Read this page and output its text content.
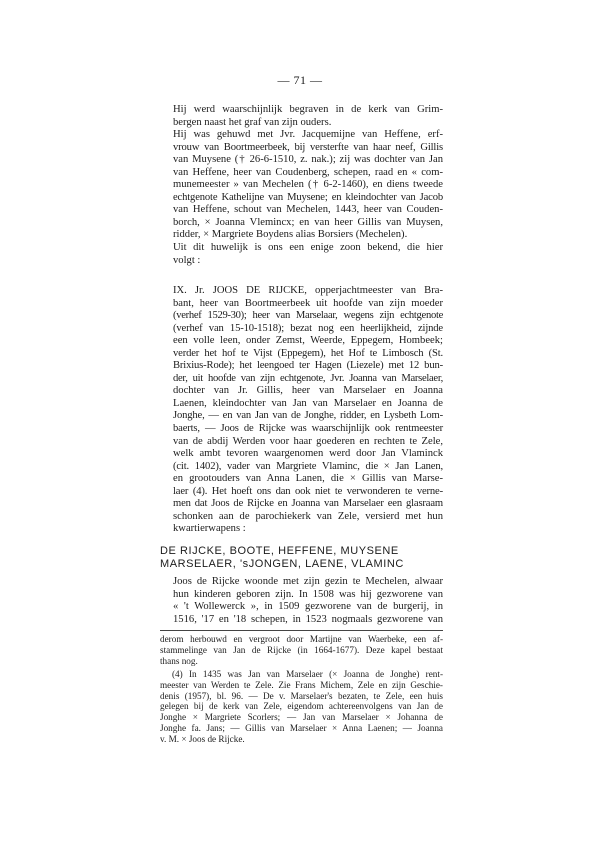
— 71 —

Hij werd waarschijnlijk begraven in de kerk van Grim-
bergen naast het graf van zijn ouders.

Hij was gehuwd met Jvr. Jacquemijne van Heffene, erf-
vrouw van Boortmeerbeek, bij versterfte van haar neef, Gillis
van Muysene († 26-6-1510, z. nak.); zij was dochter van Jan
van Heffene, heer van Coudenberg, schepen, raad en « com-
munemeester » van Mechelen († 6-2-1460), en diens tweede
echtgenote Kathelijne van Muysene; en kleindochter van Jacob
van Heffene, schout van Mechelen, 1443, heer van Couden-
borch, × Joanna Vlemincx; en van heer Gillis van Muysen,
ridder, × Margriete Boydens alias Borsiers (Mechelen).

Uit dit huwelijk is ons een enige zoon bekend, die hier
volgt :

IX. Jr. JOOS DE RIJCKE, opperjachtmeester van Bra-
bant, heer van Boortmeerbeek uit hoofde van zijn moeder
(verhef 1529-30); heer van Marselaar, wegens zijn echtgenote
(verhef van 15-10-1518); bezat nog een heerlijkheid, zijnde
een volle leen, onder Zemst, Weerde, Eppegem, Hombeek;
verder het hof te Vijst (Eppegem), het Hof te Limbosch (St.
Brixius-Rode); het leengoed ter Hagen (Liezele) met 12 bun-
der, uit hoofde van zijn echtgenote, Jvr. Joanna van Marselaer,
dochter van Jr. Gillis, heer van Marselaer en Joanna
Laenen, kleindochter van Jan van Marselaer en Joanna de
Jonghe, — en van Jan van de Jonghe, ridder, en Lysbeth Lom-
baerts, — Joos de Rijcke was waarschijnlijk ook rentmeester
van de abdij Werden voor haar goederen en rechten te Zele,
welk ambt tevoren waargenomen werd door Jan Vlaminck
(cit. 1402), vader van Margriete Vlaminc, die × Jan Lanen,
en grootouders van Anna Lanen, die × Gillis van Marse-
laer (4). Het hoeft ons dan ook niet te verwonderen te verne-
men dat Joos de Rijcke en Joanna van Marselaer een glasraam
schonken aan de parochiekerk van Zele, versierd met hun
kwartierwapens :

DE RIJCKE, BOOTE, HEFFENE, MUYSENE
MARSELAER, 'sJONGEN, LAENE, VLAMINC

Joos de Rijcke woonde met zijn gezin te Mechelen, alwaar
hun kinderen geboren zijn. In 1508 was hij gezworene van
« 't Wollewerck », in 1509 gezworene van de burgerij, in
1516, '17 en '18 schepen, in 1523 nogmaals gezworene van

derom herbouwd en vergroot door Martijne van Waerbeke, een af-
stammelinge van Jan de Rijcke (in 1664-1677). Deze kapel bestaat
thans nog.

(4) In 1435 was Jan van Marselaer (× Joanna de Jonghe) rent-
meester van Werden te Zele. Zie Frans Michem, Zele en zijn Geschie-
denis (1957), bl. 96. — De v. Marselaer's bezaten, te Zele, een huis
gelegen bij de kerk van Zele, eigendom achtereenvolgens van Jan de
Jonghe × Margriete Scorlers; — Jan van Marselaer × Johanna de
Jonghe fa. Jans; — Gillis van Marselaer × Anna Laenen; — Joanna
v. M. × Joos de Rijcke.
